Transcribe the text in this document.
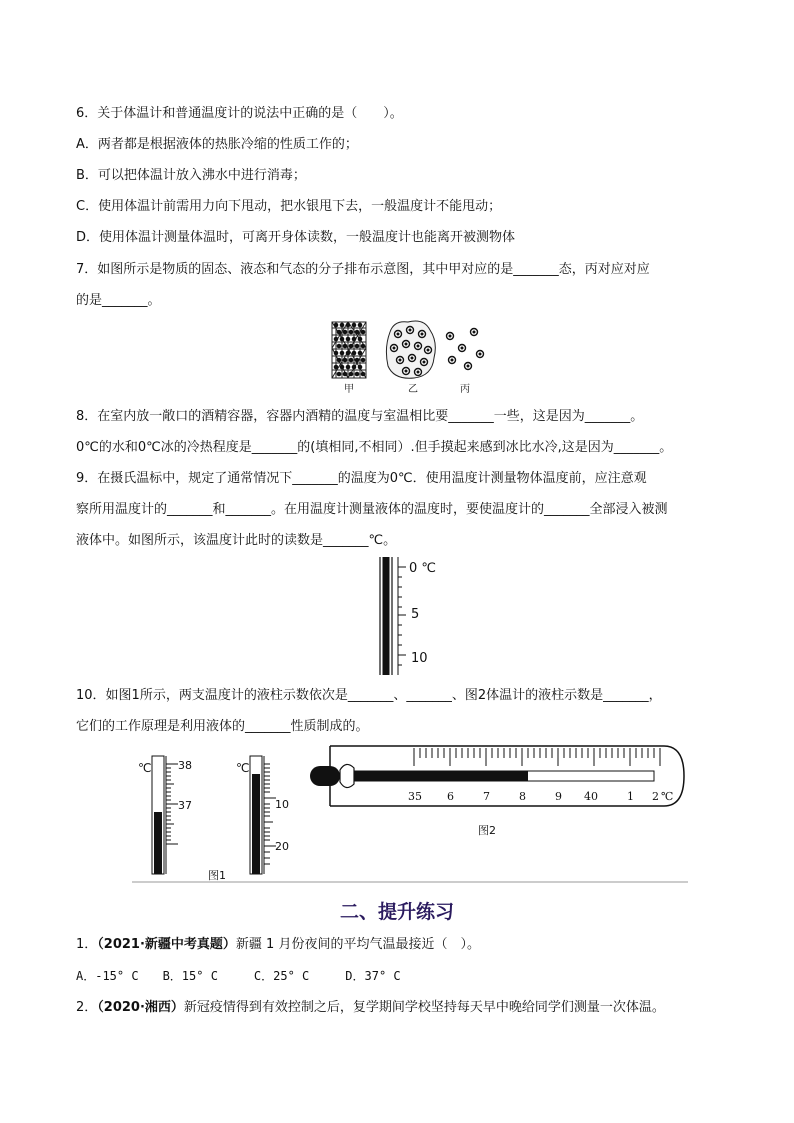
6．关于体温计和普通温度计的说法中正确的是（　　）。
A．两者都是根据液体的热胀冷缩的性质工作的；
B．可以把体温计放入沸水中进行消毒；
C．使用体温计前需用力向下甩动，把水银甩下去，一般温度计不能甩动；
D．使用体温计测量体温时，可离开身体读数，一般温度计也能离开被测物体
7．如图所示是物质的固态、液态和气态的分子排布示意图，其中甲对应的是_______态，丙对应对应
的是_______。
甲	乙	丙
8．在室内放一敞口的酒精容器，容器内酒精的温度与室温相比要_______一些，这是因为_______。
0℃的水和0℃冰的冷热程度是_______的(填相同,不相同）.但手摸起来感到冰比水冷,这是因为_______。
9．在摄氏温标中，规定了通常情况下_______的温度为0℃．使用温度计测量物体温度前，应注意观
察所用温度计的_______和_______。在用温度计测量液体的温度时，要使温度计的_______全部浸入被测
液体中。如图所示，该温度计此时的读数是_______℃。
0 ℃
5
10
10．如图1所示，两支温度计的液柱示数依次是_______、_______、图2体温计的液柱示数是_______，
它们的工作原理是利用液体的_______性质制成的。
℃ 38
37
℃
10
20
图1
35 6	7	8	9 40	1 2 ℃
图2
二、提升练习
1．（2021·新疆中考真题）新疆 1 月份夜间的平均气温最接近（　）。
A．-15° C　　B．15° C　　　C．25° C　　　D．37° C
2．（2020·湘西）新冠疫情得到有效控制之后，复学期间学校坚持每天早中晚给同学们测量一次体温。
